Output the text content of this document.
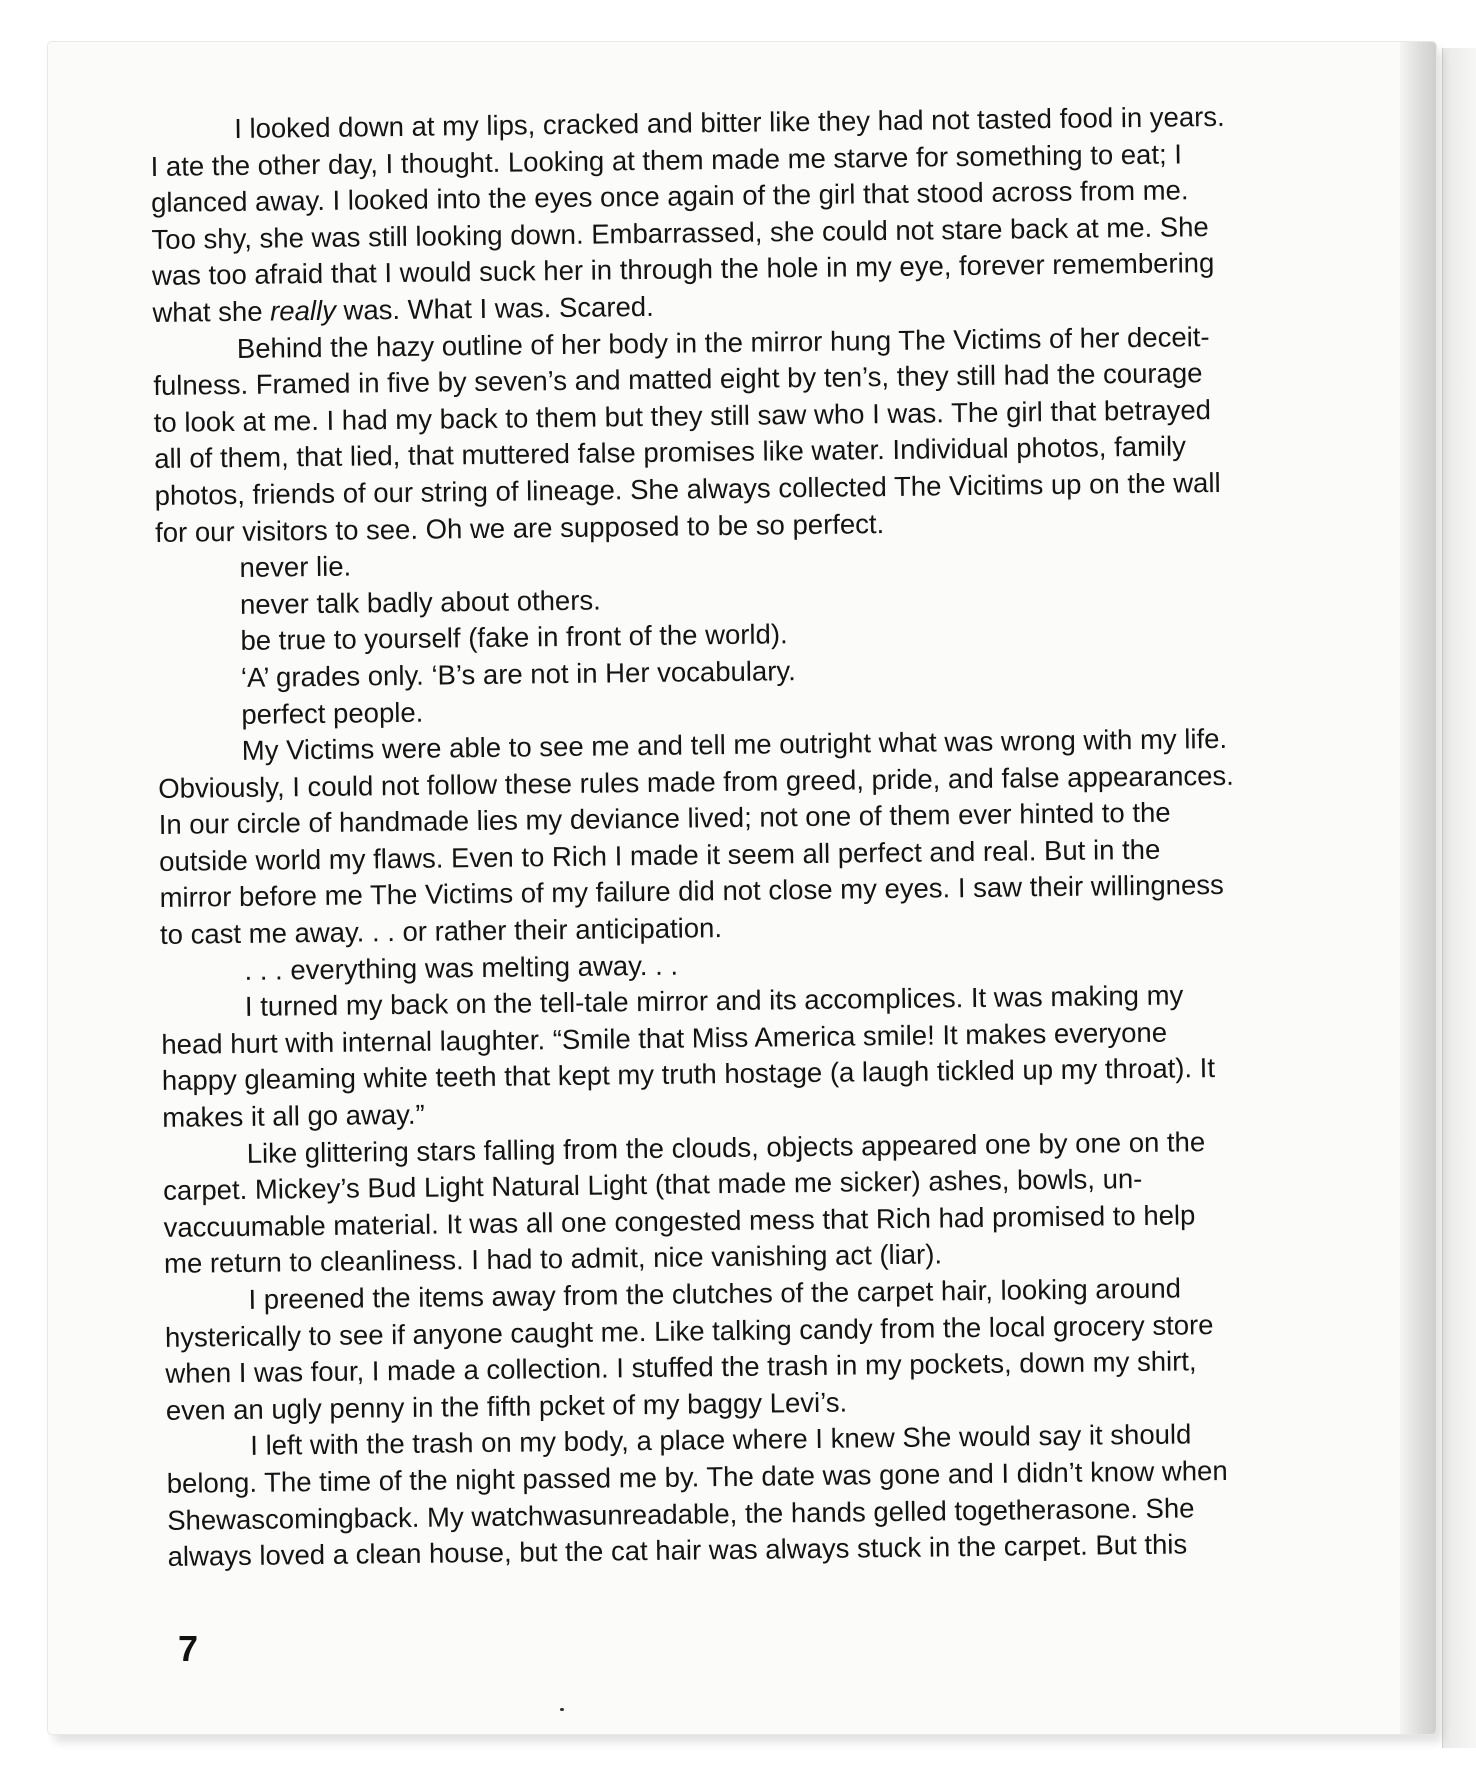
I looked down at my lips, cracked and bitter like they had not tasted food in years.
I ate the other day, I thought. Looking at them made me starve for something to eat; I
glanced away. I looked into the eyes once again of the girl that stood across from me.
Too shy, she was still looking down. Embarrassed, she could not stare back at me. She
was too afraid that I would suck her in through the hole in my eye, forever remembering
what she really was. What I was. Scared.
Behind the hazy outline of her body in the mirror hung The Victims of her deceit-
fulness. Framed in five by seven’s and matted eight by ten’s, they still had the courage
to look at me. I had my back to them but they still saw who I was. The girl that betrayed
all of them, that lied, that muttered false promises like water. Individual photos, family
photos, friends of our string of lineage. She always collected The Vicitims up on the wall
for our visitors to see. Oh we are supposed to be so perfect.
never lie.
never talk badly about others.
be true to yourself (fake in front of the world).
‘A’ grades only. ‘B’s are not in Her vocabulary.
perfect people.
My Victims were able to see me and tell me outright what was wrong with my life.
Obviously, I could not follow these rules made from greed, pride, and false appearances.
In our circle of handmade lies my deviance lived; not one of them ever hinted to the
outside world my flaws. Even to Rich I made it seem all perfect and real. But in the
mirror before me The Victims of my failure did not close my eyes. I saw their willingness
to cast me away. . . or rather their anticipation.
. . . everything was melting away. . .
I turned my back on the tell-tale mirror and its accomplices. It was making my
head hurt with internal laughter. “Smile that Miss America smile! It makes everyone
happy gleaming white teeth that kept my truth hostage (a laugh tickled up my throat). It
makes it all go away.”
Like glittering stars falling from the clouds, objects appeared one by one on the
carpet. Mickey’s Bud Light Natural Light (that made me sicker) ashes, bowls, un-
vaccuumable material. It was all one congested mess that Rich had promised to help
me return to cleanliness. I had to admit, nice vanishing act (liar).
I preened the items away from the clutches of the carpet hair, looking around
hysterically to see if anyone caught me. Like talking candy from the local grocery store
when I was four, I made a collection. I stuffed the trash in my pockets, down my shirt,
even an ugly penny in the fifth pcket of my baggy Levi’s.
I left with the trash on my body, a place where I knew She would say it should
belong. The time of the night passed me by. The date was gone and I didn’t know when
Shewascomingback. My watchwasunreadable, the hands gelled togetherasone. She
always loved a clean house, but the cat hair was always stuck in the carpet. But this
7
